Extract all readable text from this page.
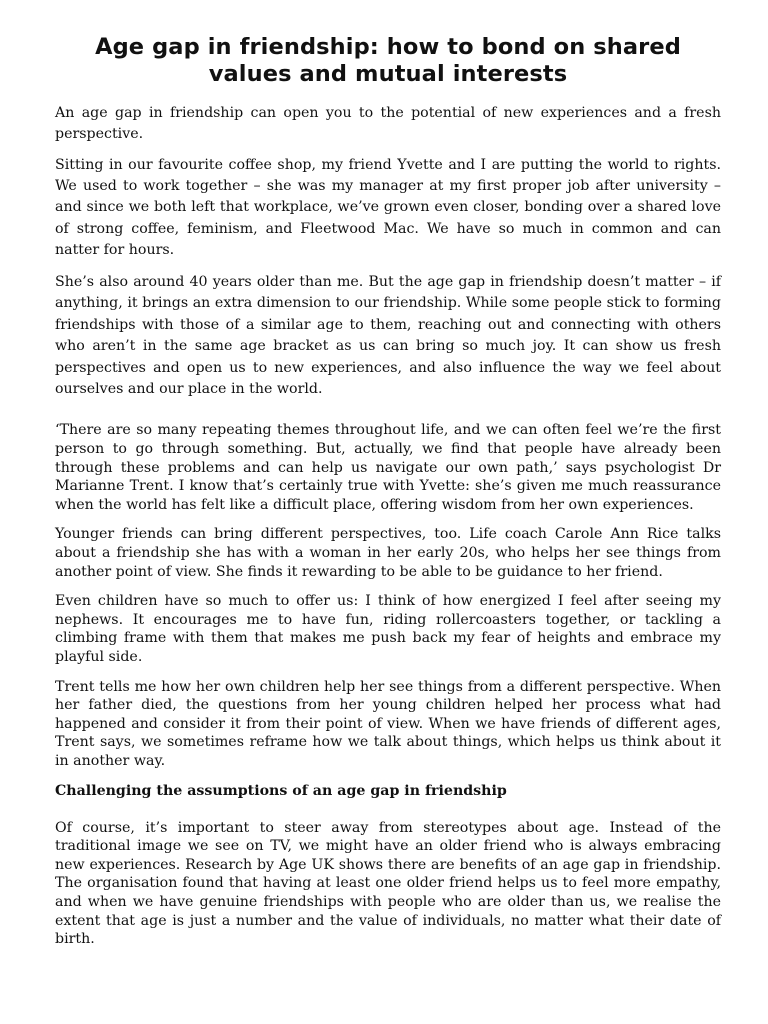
Age gap in friendship: how to bond on shared values and mutual interests

An age gap in friendship can open you to the potential of new experiences and a fresh perspective.

Sitting in our favourite coffee shop, my friend Yvette and I are putting the world to rights. We used to work together – she was my manager at my first proper job after university – and since we both left that workplace, we’ve grown even closer, bonding over a shared love of strong coffee, feminism, and Fleetwood Mac. We have so much in common and can natter for hours.

She’s also around 40 years older than me. But the age gap in friendship doesn’t matter – if anything, it brings an extra dimension to our friendship. While some people stick to forming friendships with those of a similar age to them, reaching out and connecting with others who aren’t in the same age bracket as us can bring so much joy. It can show us fresh perspectives and open us to new experiences, and also influence the way we feel about ourselves and our place in the world.

‘There are so many repeating themes throughout life, and we can often feel we’re the first person to go through something. But, actually, we find that people have already been through these problems and can help us navigate our own path,’ says psychologist Dr Marianne Trent. I know that’s certainly true with Yvette: she’s given me much reassurance when the world has felt like a difficult place, offering wisdom from her own experiences.

Younger friends can bring different perspectives, too. Life coach Carole Ann Rice talks about a friendship she has with a woman in her early 20s, who helps her see things from another point of view. She finds it rewarding to be able to be guidance to her friend.

Even children have so much to offer us: I think of how energized I feel after seeing my nephews. It encourages me to have fun, riding rollercoasters together, or tackling a climbing frame with them that makes me push back my fear of heights and embrace my playful side.

Trent tells me how her own children help her see things from a different perspective. When her father died, the questions from her young children helped her process what had happened and consider it from their point of view. When we have friends of different ages, Trent says, we sometimes reframe how we talk about things, which helps us think about it in another way.

Challenging the assumptions of an age gap in friendship

Of course, it’s important to steer away from stereotypes about age. Instead of the traditional image we see on TV, we might have an older friend who is always embracing new experiences. Research by Age UK shows there are benefits of an age gap in friendship. The organisation found that having at least one older friend helps us to feel more empathy, and when we have genuine friendships with people who are older than us, we realise the extent that age is just a number and the value of individuals, no matter what their date of birth.
